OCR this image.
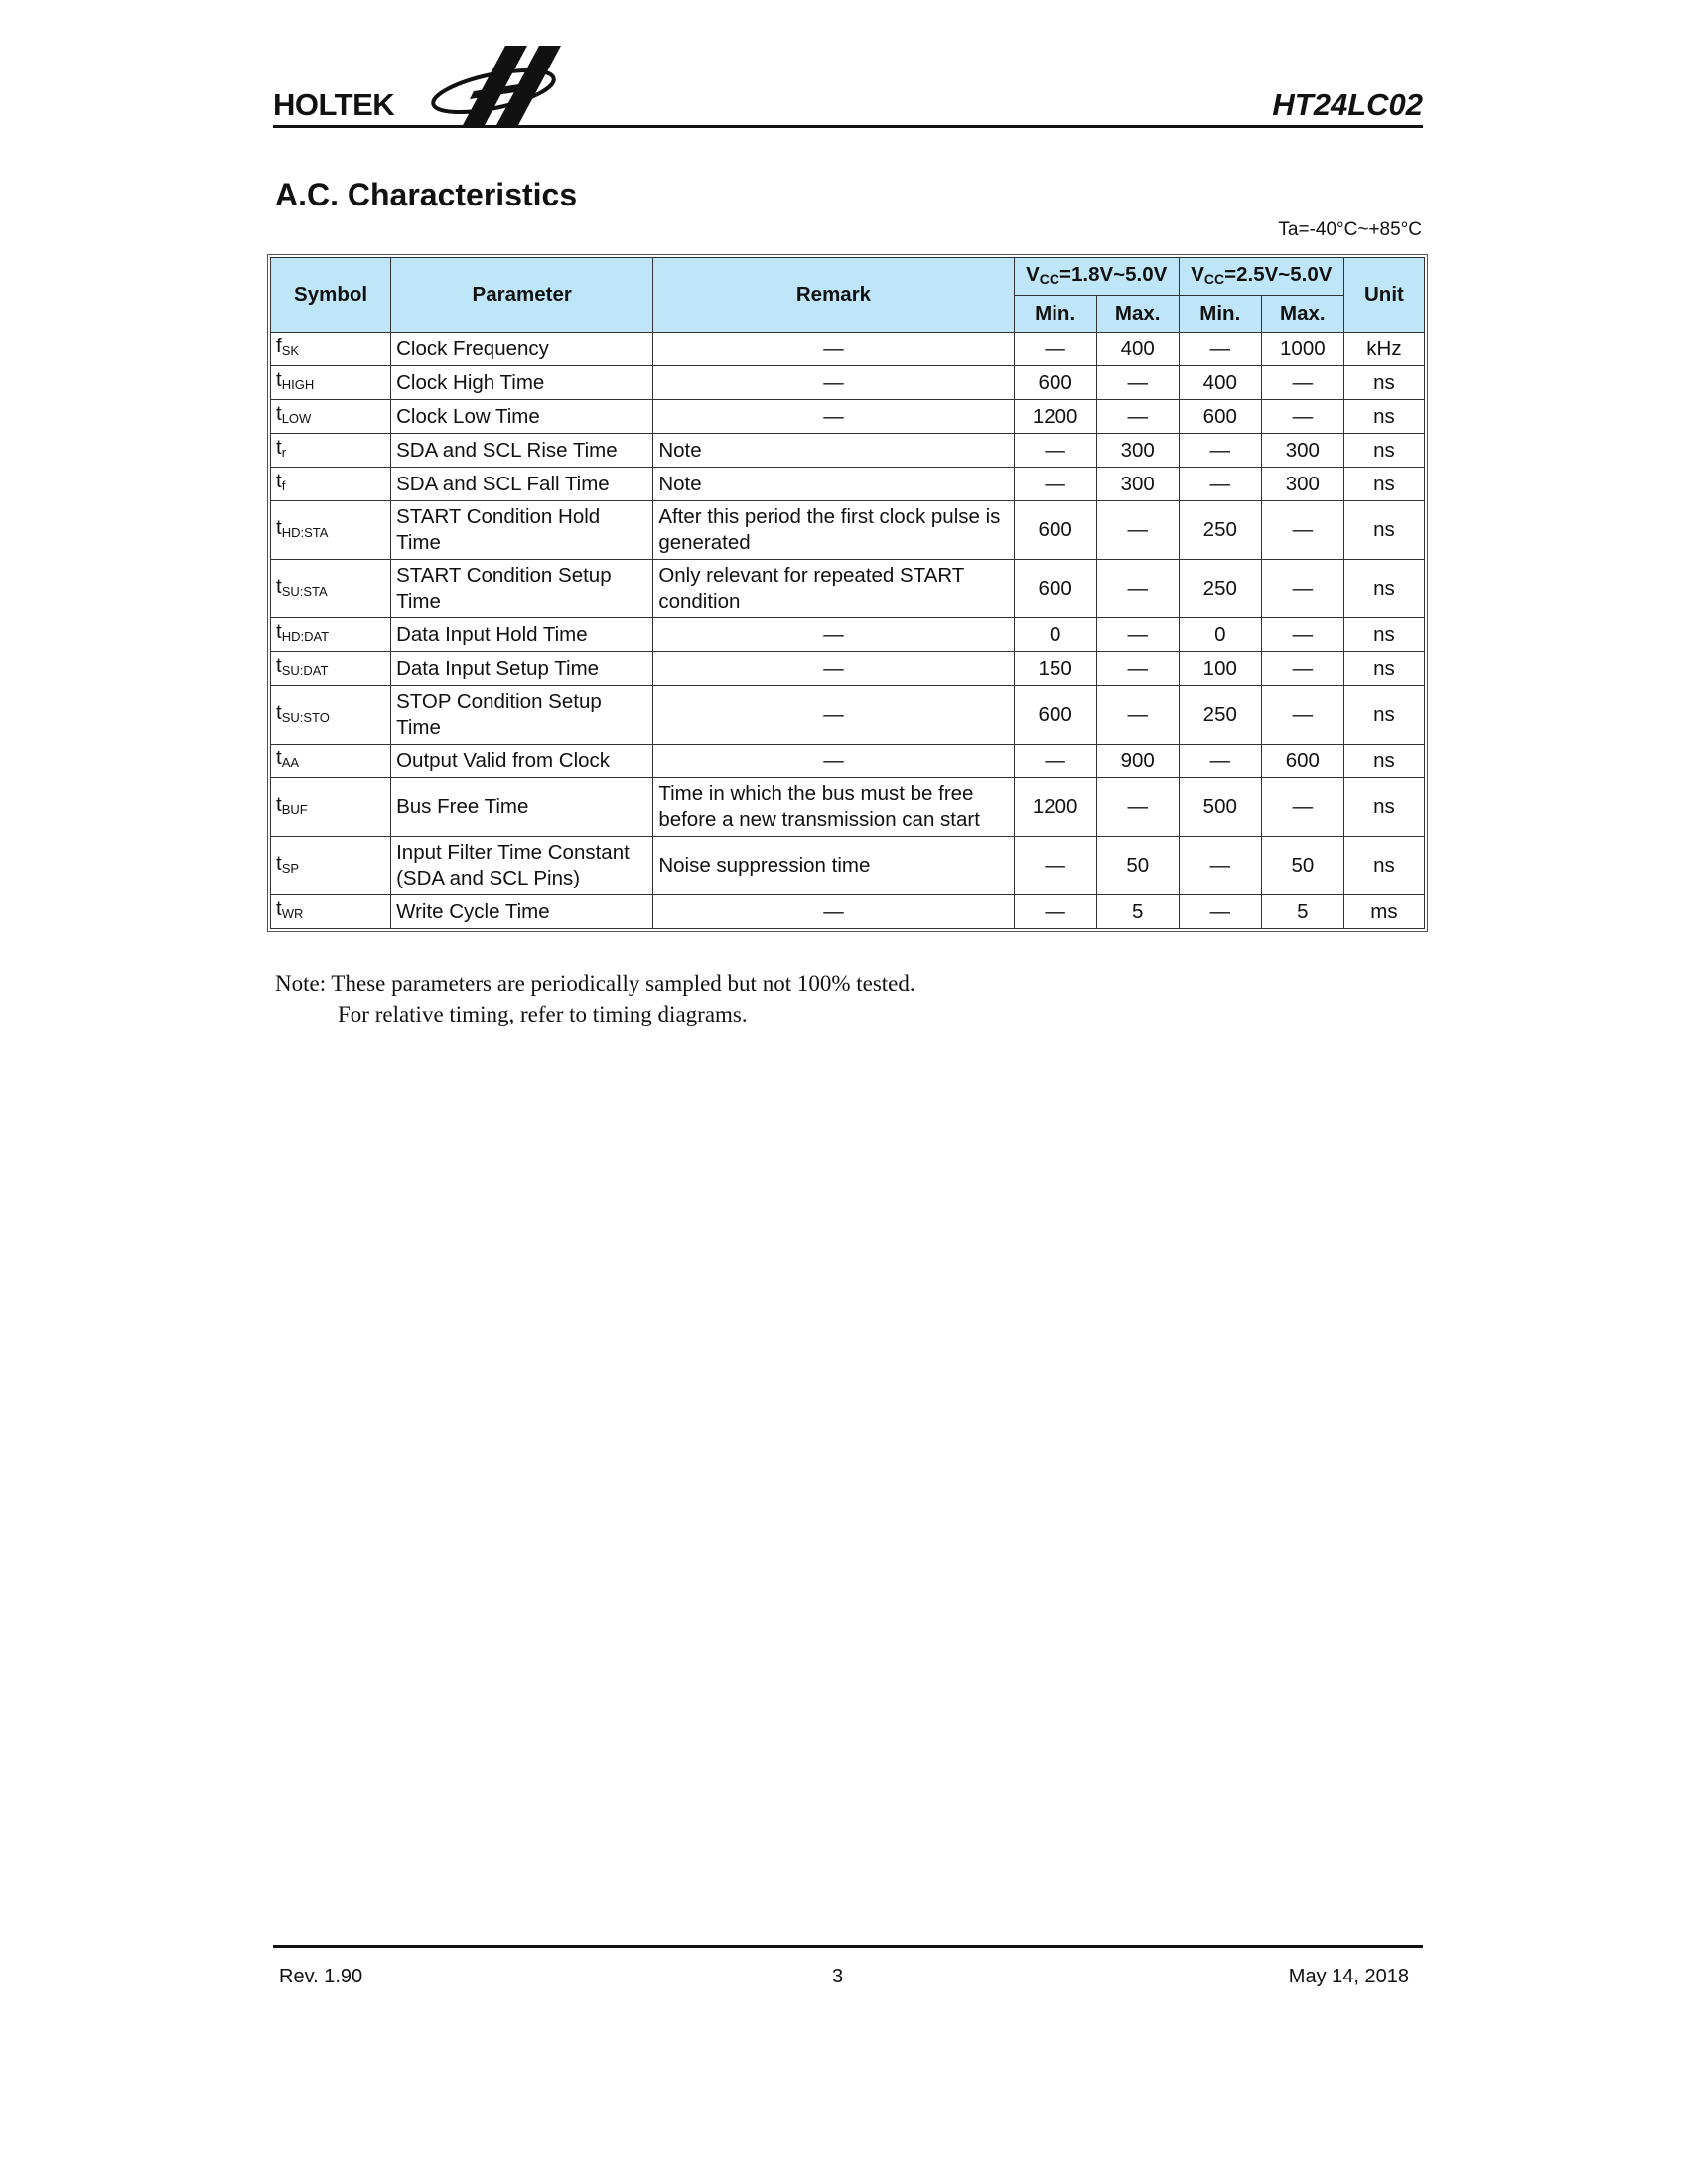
HOLTEK	HT24LC02
A.C. Characteristics
Ta=-40°C~+85°C
Symbol	Parameter	Remark	VCC=1.8V~5.0V		VCC=2.5V~5.0V		Unit
			Min.	Max.	Min.	Max.	
$f_{SK}$	Clock Frequency	—	—	400	—	1000	kHz
$t_{HIGH}$	Clock High Time	—	600	—	400	—	ns
$t_{LOW}$	Clock Low Time	—	1200	—	600	—	ns
$t_r$	SDA and SCL Rise Time	Note	—	300	—	300	ns
$t_f$	SDA and SCL Fall Time	Note	—	300	—	300	ns
$t_{HD:STA}$	START Condition Hold Time	After this period the first clock pulse is generated	600	—	250	—	ns
$t_{SU:STA}$	START Condition Setup Time	Only relevant for repeated START condition	600	—	250	—	ns
$t_{HD:DAT}$	Data Input Hold Time	—	0	—	0	—	ns
$t_{SU:DAT}$	Data Input Setup Time	—	150	—	100	—	ns
$t_{SU:STO}$	STOP Condition Setup Time	—	600	—	250	—	ns
$t_{AA}$	Output Valid from Clock	—	—	900	—	600	ns
$t_{BUF}$	Bus Free Time	Time in which the bus must be free before a new transmission can start	1200	—	500	—	ns
$t_{SP}$	Input Filter Time Constant (SDA and SCL Pins)	Noise suppression time	—	50	—	50	ns
$t_{WR}$	Write Cycle Time	—	—	5	—	5	ms
Note: These parameters are periodically sampled but not 100% tested.
For relative timing, refer to timing diagrams.
Rev. 1.90	3	May 14, 2018
